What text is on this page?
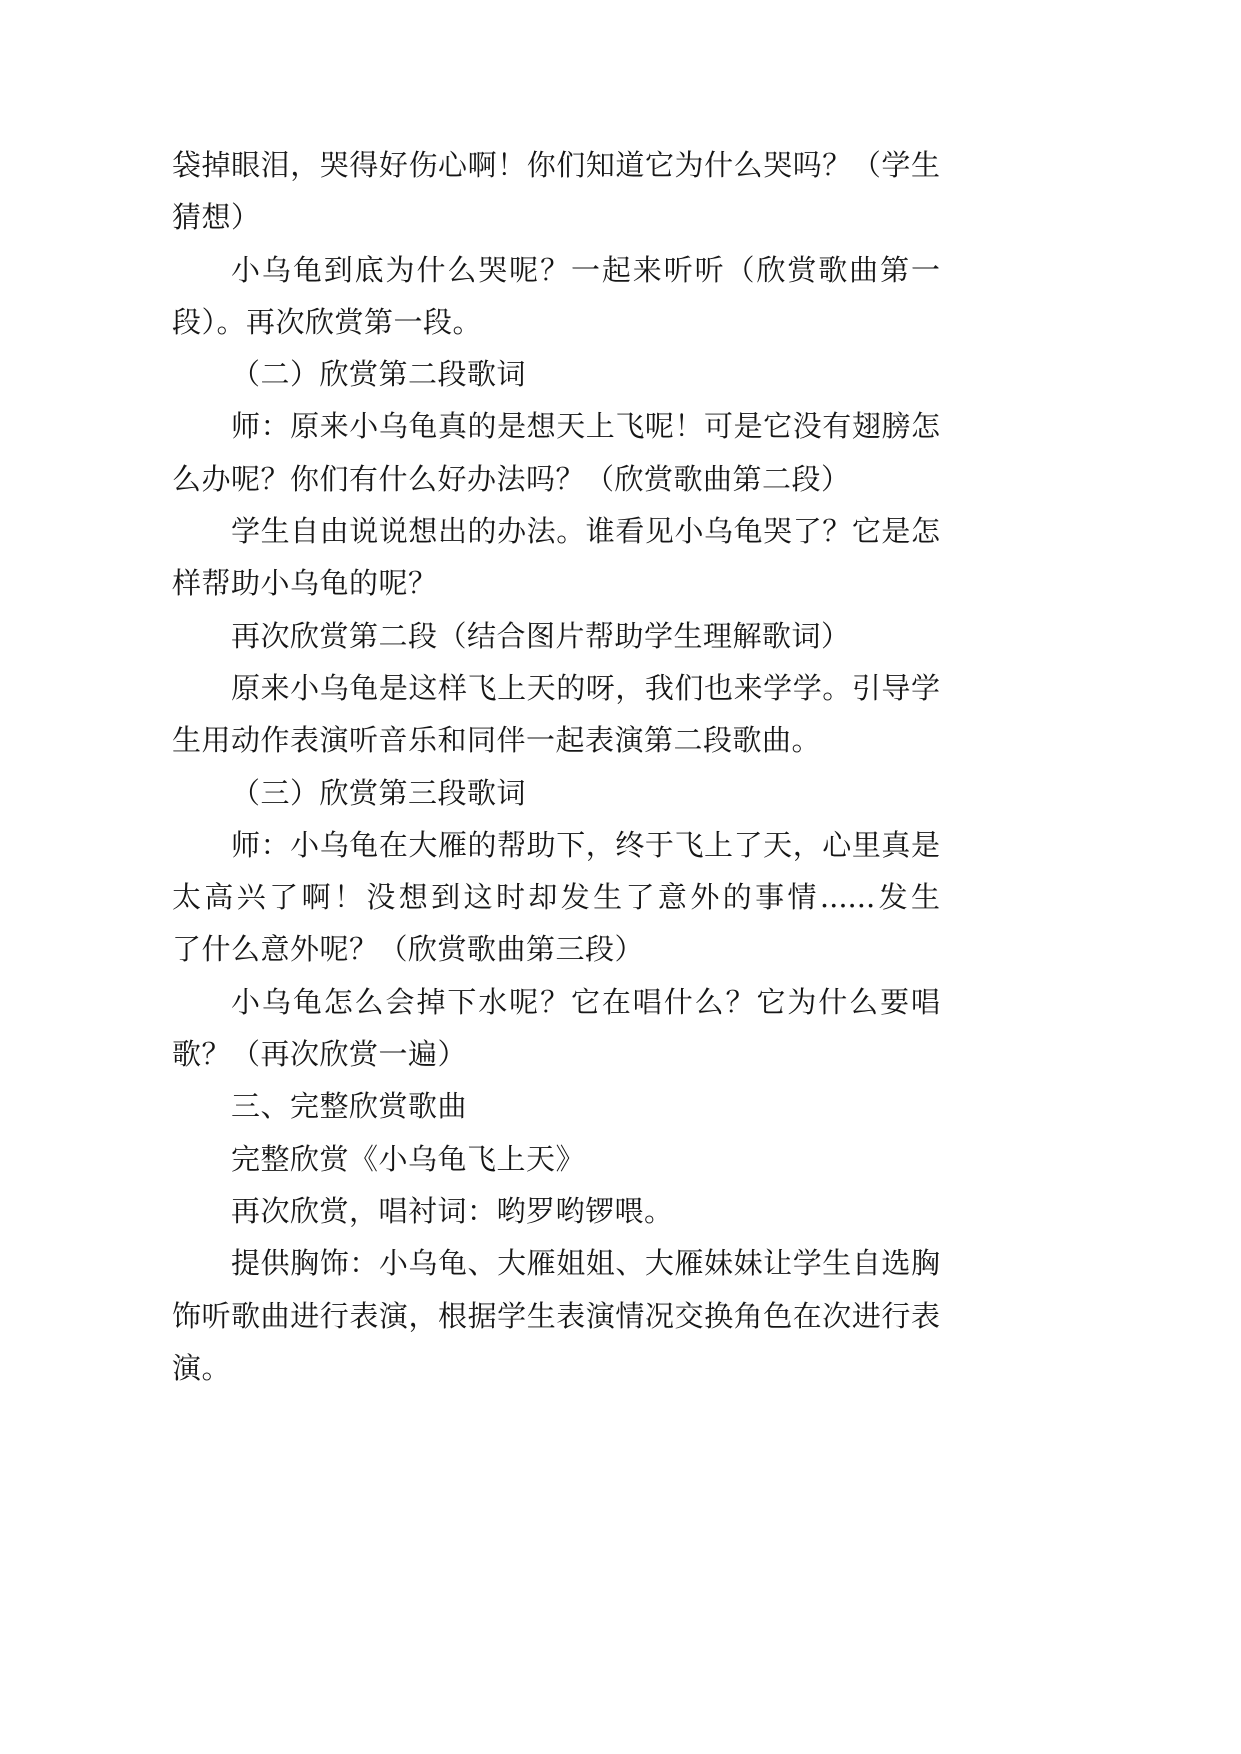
袋掉眼泪，哭得好伤心啊！你们知道它为什么哭吗？（学生
猜想）
小乌龟到底为什么哭呢？一起来听听（欣赏歌曲第一
段）。再次欣赏第一段。
（二）欣赏第二段歌词
师：原来小乌龟真的是想天上飞呢！可是它没有翅膀怎
么办呢？你们有什么好办法吗？（欣赏歌曲第二段）
学生自由说说想出的办法。谁看见小乌龟哭了？它是怎
样帮助小乌龟的呢？
再次欣赏第二段（结合图片帮助学生理解歌词）
原来小乌龟是这样飞上天的呀，我们也来学学。引导学
生用动作表演听音乐和同伴一起表演第二段歌曲。
（三）欣赏第三段歌词
师：小乌龟在大雁的帮助下，终于飞上了天，心里真是
太高兴了啊！没想到这时却发生了意外的事情......发生
了什么意外呢？（欣赏歌曲第三段）
小乌龟怎么会掉下水呢？它在唱什么？它为什么要唱
歌？（再次欣赏一遍）
三、完整欣赏歌曲
完整欣赏《小乌龟飞上天》
再次欣赏，唱衬词：哟罗哟锣喂。
提供胸饰：小乌龟、大雁姐姐、大雁妹妹让学生自选胸
饰听歌曲进行表演，根据学生表演情况交换角色在次进行表
演。
